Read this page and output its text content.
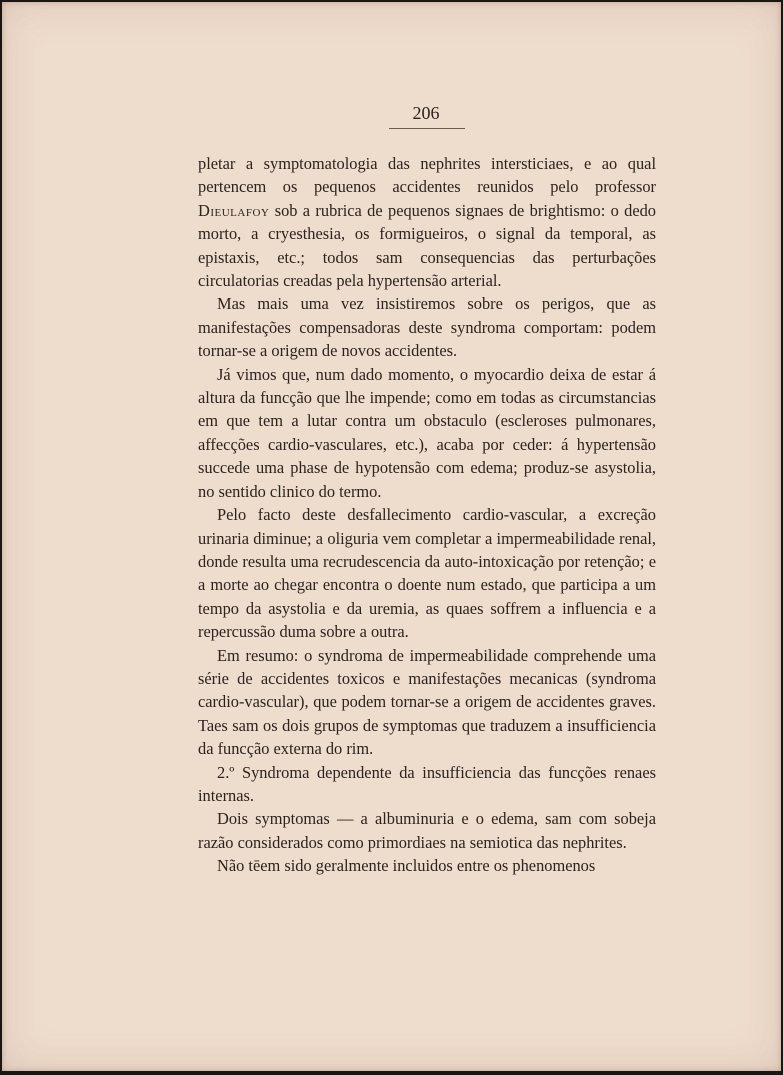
206

pletar a symptomatologia das nephrites intersticiaes, e ao qual pertencem os pequenos accidentes reunidos pelo professor Dieulafoy sob a rubrica de pequenos signaes de brightismo: o dedo morto, a cryesthesia, os formigueiros, o signal da temporal, as epistaxis, etc.; todos sam consequencias das perturbações circulatorias creadas pela hypertensão arterial.

Mas mais uma vez insistiremos sobre os perigos, que as manifestações compensadoras deste syndroma comportam: podem tornar-se a origem de novos accidentes.

Já vimos que, num dado momento, o myocardio deixa de estar á altura da funcção que lhe impende; como em todas as circumstancias em que tem a lutar contra um obstaculo (escleroses pulmonares, affecções cardio-vasculares, etc.), acaba por ceder: á hypertensão succede uma phase de hypotensão com edema; produz-se asystolia, no sentido clinico do termo.

Pelo facto deste desfallecimento cardio-vascular, a excreção urinaria diminue; a oliguria vem completar a impermeabilidade renal, donde resulta uma recrudescencia da auto-intoxicação por retenção; e a morte ao chegar encontra o doente num estado, que participa a um tempo da asystolia e da uremia, as quaes soffrem a influencia e a repercussão duma sobre a outra.

Em resumo: o syndroma de impermeabilidade comprehende uma série de accidentes toxicos e manifestações mecanicas (syndroma cardio-vascular), que podem tornar-se a origem de accidentes graves. Taes sam os dois grupos de symptomas que traduzem a insufficiencia da funcção externa do rim.

2.º Syndroma dependente da insufficiencia das funcções renaes internas.

Dois symptomas — a albuminuria e o edema, sam com sobeja razão considerados como primordiaes na semiotica das nephrites.

Não tēem sido geralmente incluidos entre os phenomenos
